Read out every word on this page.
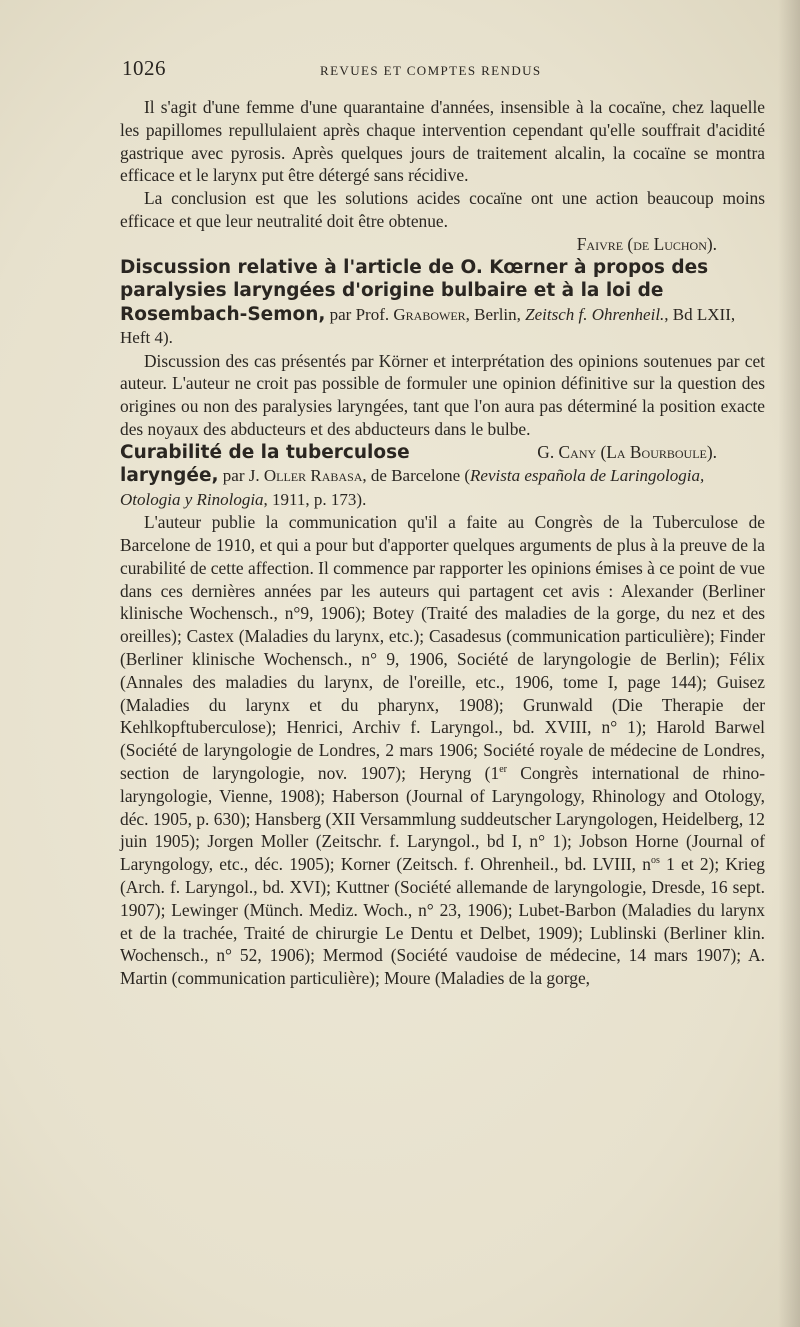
1026	REVUES ET COMPTES RENDUS

Il s'agit d'une femme d'une quarantaine d'années, insensible à la cocaïne, chez laquelle les papillomes repullulaient après chaque intervention cependant qu'elle souffrait d'acidité gastrique avec pyrosis. Après quelques jours de traitement alcalin, la cocaïne se montra efficace et le larynx put être détergé sans récidive.

La conclusion est que les solutions acides cocaïne ont une action beaucoup moins efficace et que leur neutralité doit être obtenue.

Faivre (de Luchon).

Discussion relative à l'article de O. Kœrner à propos des paralysies laryngées d'origine bulbaire et à la loi de Rosembach-Semon, par Prof. Grabower, Berlin, Zeitsch f. Ohrenheil., Bd LXII, Heft 4).

Discussion des cas présentés par Körner et interprétation des opinions soutenues par cet auteur. L'auteur ne croit pas possible de formuler une opinion définitive sur la question des origines ou non des paralysies laryngées, tant que l'on aura pas déterminé la position exacte des noyaux des abducteurs et des abducteurs dans le bulbe.
G. Cany (La Bourboule).

Curabilité de la tuberculose laryngée, par J. Oller Rabasa, de Barcelone (Revista española de Laringologia, Otologia y Rinologia, 1911, p. 173).

L'auteur publie la communication qu'il a faite au Congrès de la Tuberculose de Barcelone de 1910, et qui a pour but d'apporter quelques arguments de plus à la preuve de la curabilité de cette affection. Il commence par rapporter les opinions émises à ce point de vue dans ces dernières années par les auteurs qui partagent cet avis : Alexander (Berliner klinische Wochensch., n°9, 1906); Botey (Traité des maladies de la gorge, du nez et des oreilles); Castex (Maladies du larynx, etc.); Casadesus (communication particulière); Finder (Berliner klinische Wochensch., n° 9, 1906, Société de laryngologie de Berlin); Félix (Annales des maladies du larynx, de l'oreille, etc., 1906, tome I, page 144); Guisez (Maladies du larynx et du pharynx, 1908); Grunwald (Die Therapie der Kehlkopftuberculose); Henrici, Archiv f. Laryngol., bd. XVIII, n° 1); Harold Barwel (Société de laryngologie de Londres, 2 mars 1906; Société royale de médecine de Londres, section de laryngologie, nov. 1907); Heryng (1er Congrès international de rhino-laryngologie, Vienne, 1908); Haberson (Journal of Laryngology, Rhinology and Otology, déc. 1905, p. 630); Hansberg (XII Versammlung suddeutscher Laryngologen, Heidelberg, 12 juin 1905); Jorgen Moller (Zeitschr. f. Laryngol., bd I, n° 1); Jobson Horne (Journal of Laryngology, etc., déc. 1905); Korner (Zeitsch. f. Ohrenheil., bd. LVIII, $n^{os}$ 1 et 2); Krieg (Arch. f. Laryngol., bd. XVI); Kuttner (Société allemande de laryngologie, Dresde, 16 sept. 1907); Lewinger (Münch. Mediz. Woch., n° 23, 1906); Lubet-Barbon (Maladies du larynx et de la trachée, Traité de chirurgie Le Dentu et Delbet, 1909); Lublinski (Berliner klin. Wochensch., n° 52, 1906); Mermod (Société vaudoise de médecine, 14 mars 1907); A. Martin (communication particulière); Moure (Maladies de la gorge,
